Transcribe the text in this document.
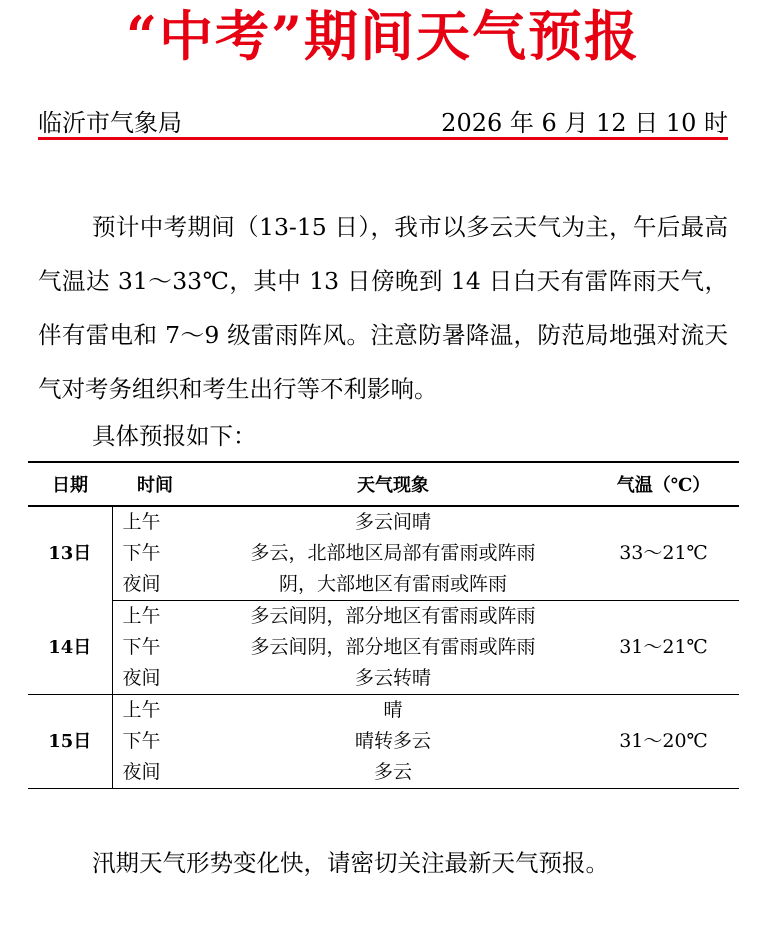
“中考”期间天气预报
临沂市气象局	2026 年 6 月 12 日 10 时

预计中考期间（13-15 日），我市以多云天气为主，午后最高气温达 31～33℃，其中 13 日傍晚到 14 日白天有雷阵雨天气，伴有雷电和 7～9 级雷雨阵风。注意防暑降温，防范局地强对流天气对考务组织和考生出行等不利影响。

具体预报如下：

日期	时间	天气现象	气温（℃）
13日	上午	多云间晴	33～21℃
	下午	多云，北部地区局部有雷雨或阵雨	
	夜间	阴，大部地区有雷雨或阵雨	
14日	上午	多云间阴，部分地区有雷雨或阵雨	31～21℃
	下午	多云间阴，部分地区有雷雨或阵雨	
	夜间	多云转晴	
15日	上午	晴	31～20℃
	下午	晴转多云	
	夜间	多云	

汛期天气形势变化快，请密切关注最新天气预报。
